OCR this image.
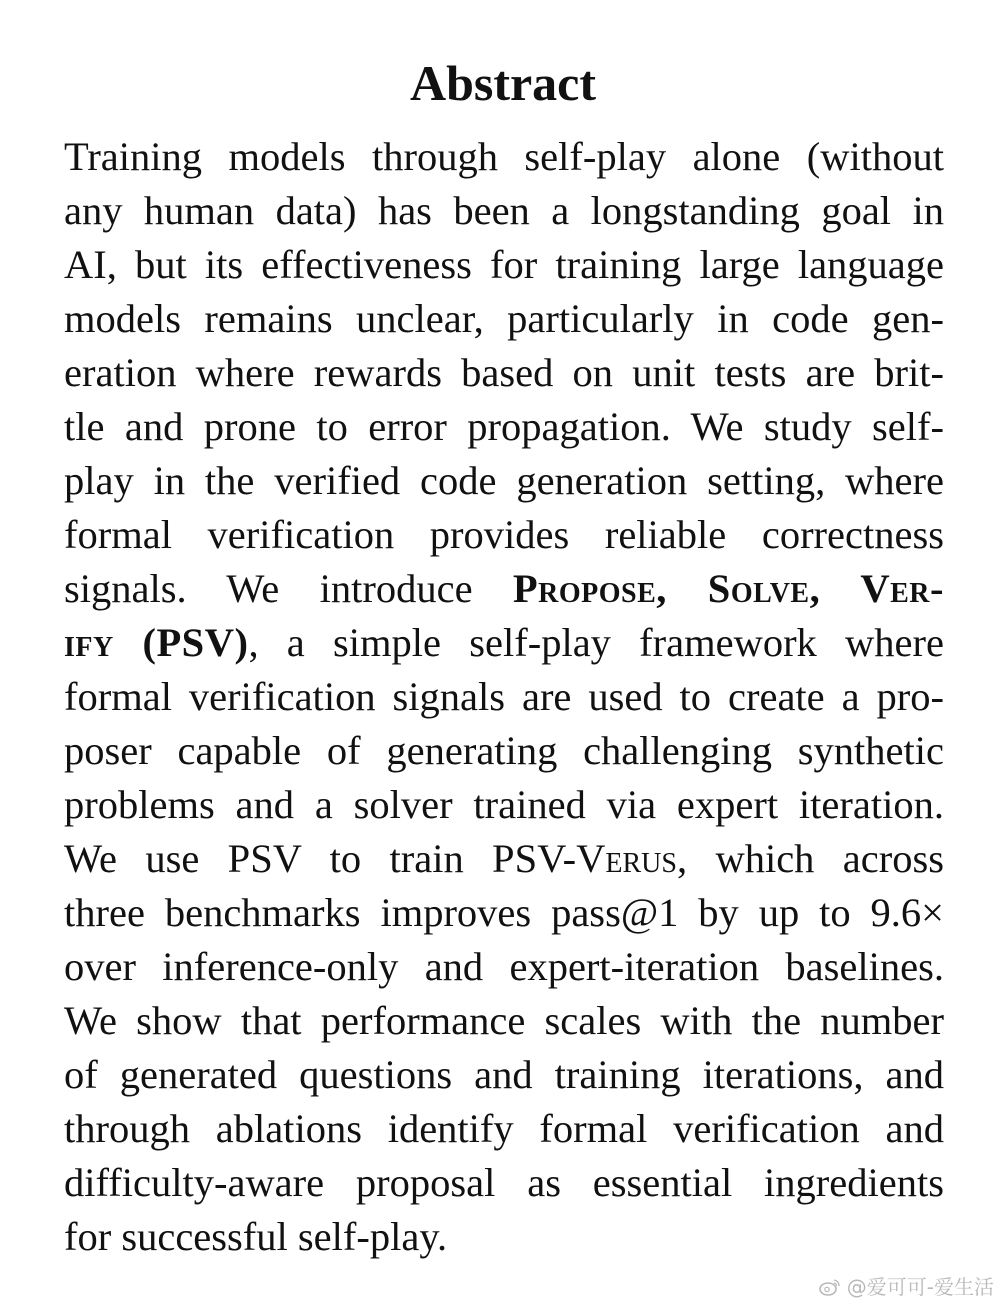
Abstract
Training models through self-play alone (without
any human data) has been a longstanding goal in
AI, but its effectiveness for training large language
models remains unclear, particularly in code gen-
eration where rewards based on unit tests are brit-
tle and prone to error propagation. We study self-
play in the verified code generation setting, where
formal verification provides reliable correctness
signals. We introduce Propose, Solve, Ver-
ify (PSV), a simple self-play framework where
formal verification signals are used to create a pro-
poser capable of generating challenging synthetic
problems and a solver trained via expert iteration.
We use PSV to train PSV-Verus, which across
three benchmarks improves pass@1 by up to 9.6×
over inference-only and expert-iteration baselines.
We show that performance scales with the number
of generated questions and training iterations, and
through ablations identify formal verification and
difficulty-aware proposal as essential ingredients
for successful self-play.
@爱可可-爱生活
